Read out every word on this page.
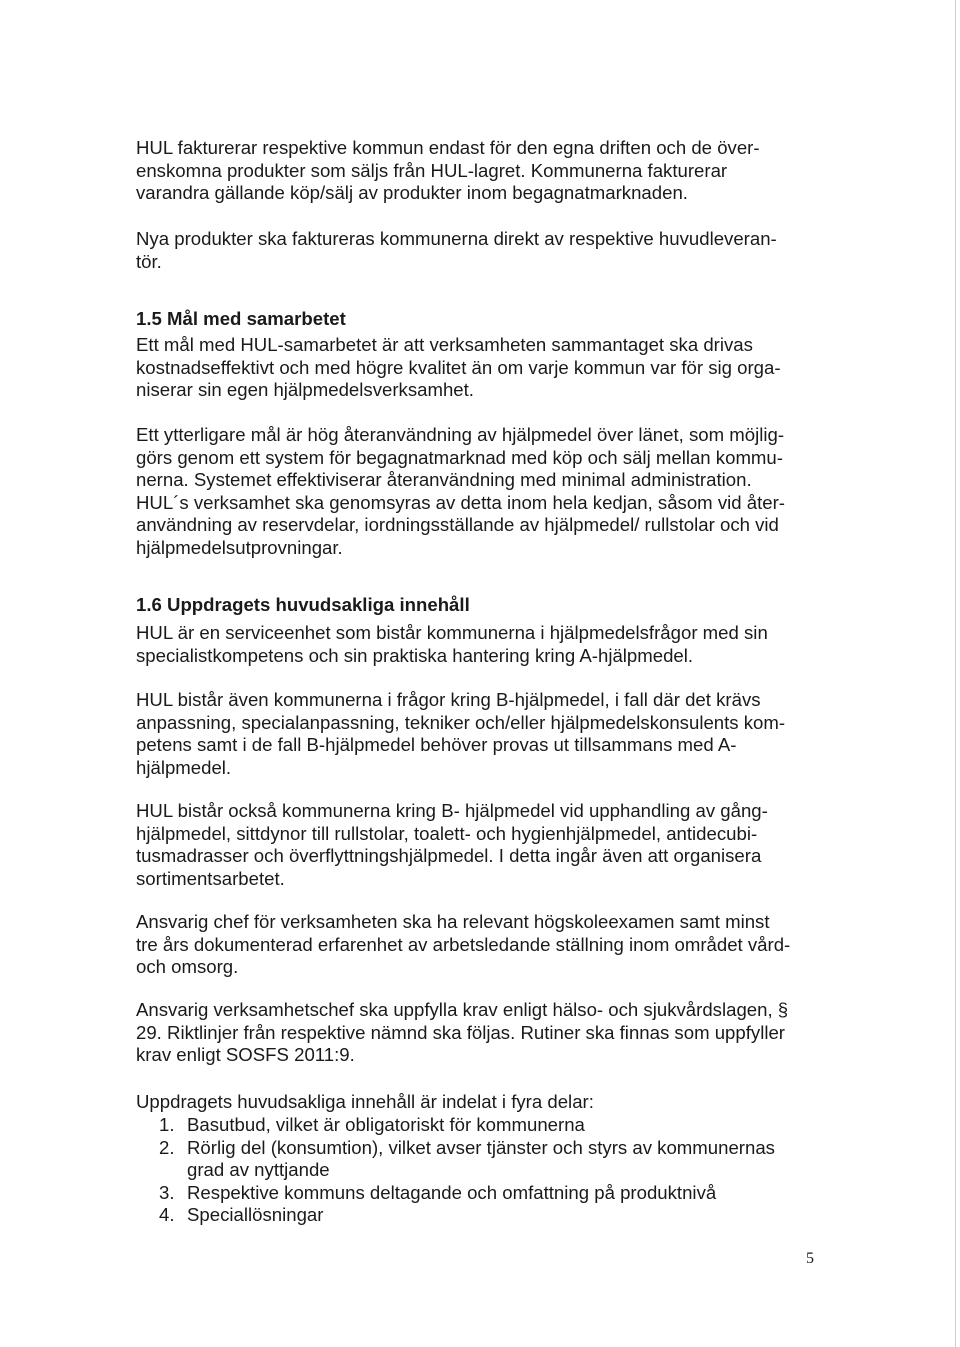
HUL fakturerar respektive kommun endast för den egna driften och de över-
enskomna produkter som säljs från HUL-lagret. Kommunerna fakturerar
varandra gällande köp/sälj av produkter inom begagnatmarknaden.
Nya produkter ska faktureras kommunerna direkt av respektive huvudleveran-
tör.
1.5 Mål med samarbetet
Ett mål med HUL-samarbetet är att verksamheten sammantaget ska drivas
kostnadseffektivt och med högre kvalitet än om varje kommun var för sig orga-
niserar sin egen hjälpmedelsverksamhet.
Ett ytterligare mål är hög återanvändning av hjälpmedel över länet, som möjlig-
görs genom ett system för begagnatmarknad med köp och sälj mellan kommu-
nerna. Systemet effektiviserar återanvändning med minimal administration.
HUL´s verksamhet ska genomsyras av detta inom hela kedjan, såsom vid åter-
användning av reservdelar, iordningsställande av hjälpmedel/ rullstolar och vid
hjälpmedelsutprovningar.
1.6 Uppdragets huvudsakliga innehåll
HUL är en serviceenhet som bistår kommunerna i hjälpmedelsfrågor med sin
specialistkompetens och sin praktiska hantering kring A-hjälpmedel.
HUL bistår även kommunerna i frågor kring B-hjälpmedel, i fall där det krävs
anpassning, specialanpassning, tekniker och/eller hjälpmedelskonsulents kom-
petens samt i de fall B-hjälpmedel behöver provas ut tillsammans med A-
hjälpmedel.
HUL bistår också kommunerna kring B- hjälpmedel vid upphandling av gång-
hjälpmedel, sittdynor till rullstolar, toalett- och hygienhjälpmedel, antidecubi-
tusmadrasser och överflyttningshjälpmedel. I detta ingår även att organisera
sortimentsarbetet.
Ansvarig chef för verksamheten ska ha relevant högskoleexamen samt minst
tre års dokumenterad erfarenhet av arbetsledande ställning inom området vård-
och omsorg.
Ansvarig verksamhetschef ska uppfylla krav enligt hälso- och sjukvårdslagen, §
29. Riktlinjer från respektive nämnd ska följas. Rutiner ska finnas som uppfyller
krav enligt SOSFS 2011:9.
Uppdragets huvudsakliga innehåll är indelat i fyra delar:
1. Basutbud, vilket är obligatoriskt för kommunerna
2. Rörlig del (konsumtion), vilket avser tjänster och styrs av kommunernas
grad av nyttjande
3. Respektive kommuns deltagande och omfattning på produktnivå
4. Speciallösningar
5
